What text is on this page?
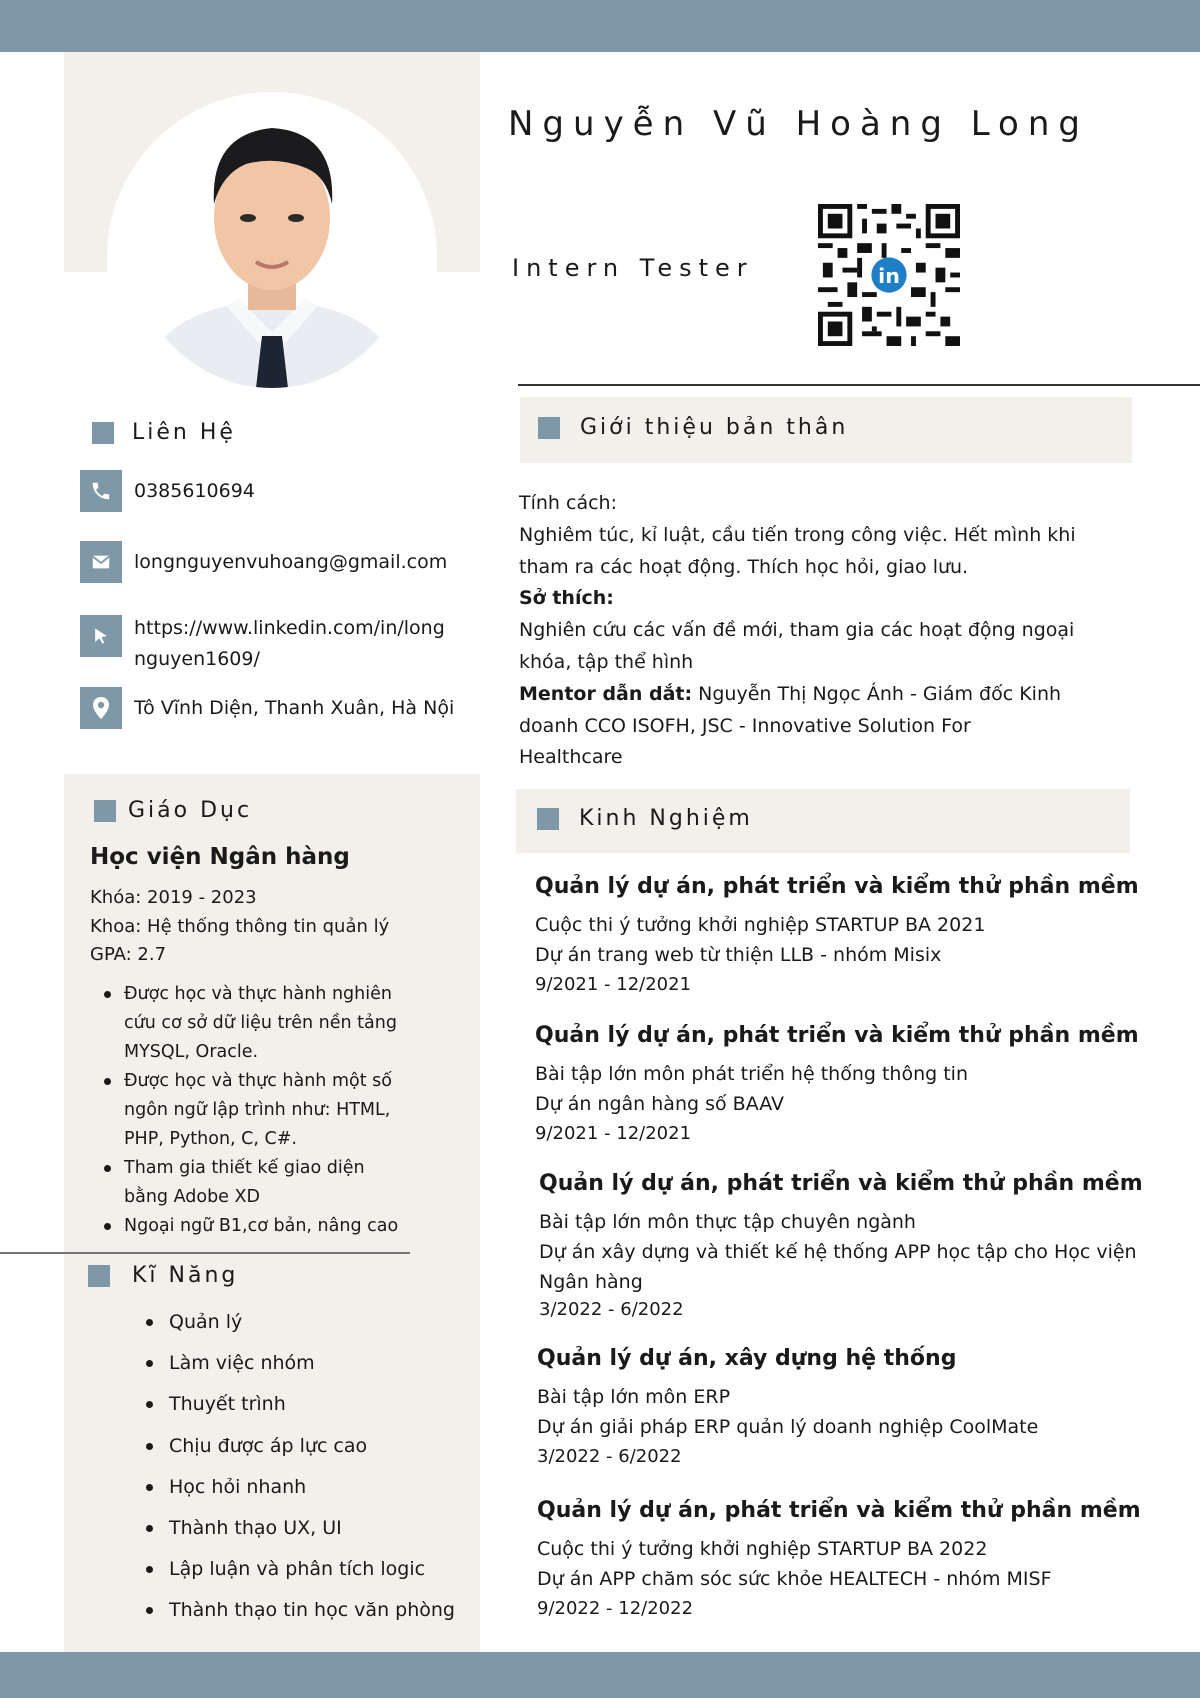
Nguyễn Vũ Hoàng Long
Intern Tester	in
Liên Hệ
0385610694
longnguyenvuhoang@gmail.com
https://www.linkedin.com/in/long
nguyen1609/
Tô Vĩnh Diện, Thanh Xuân, Hà Nội
Giáo Dục
Học viện Ngân hàng
Khóa: 2019 - 2023
Khoa: Hệ thống thông tin quản lý
GPA: 2.7
Được học và thực hành nghiên
cứu cơ sở dữ liệu trên nền tảng
MYSQL, Oracle.
Được học và thực hành một số
ngôn ngữ lập trình như: HTML,
PHP, Python, C, C#.
Tham gia thiết kế giao diện
bằng Adobe XD
Ngoại ngữ B1,cơ bản, nâng cao
Kĩ Năng
Quản lý
Làm việc nhóm
Thuyết trình
Chịu được áp lực cao
Học hỏi nhanh
Thành thạo UX, UI
Lập luận và phân tích logic
Thành thạo tin học văn phòng
Giới thiệu bản thân
Tính cách:
Nghiêm túc, kỉ luật, cầu tiến trong công việc. Hết mình khi
tham ra các hoạt động. Thích học hỏi, giao lưu.
Sở thích:
Nghiên cứu các vấn đề mới, tham gia các hoạt động ngoại
khóa, tập thể hình
Mentor dẫn dắt: Nguyễn Thị Ngọc Ánh - Giám đốc Kinh
doanh CCO ISOFH, JSC - Innovative Solution For
Healthcare
Kinh Nghiệm
Quản lý dự án, phát triển và kiểm thử phần mềm
Cuộc thi ý tưởng khởi nghiệp STARTUP BA 2021
Dự án trang web từ thiện LLB - nhóm Misix
9/2021 - 12/2021
Quản lý dự án, phát triển và kiểm thử phần mềm
Bài tập lớn môn phát triển hệ thống thông tin
Dự án ngân hàng số BAAV
9/2021 - 12/2021
Quản lý dự án, phát triển và kiểm thử phần mềm
Bài tập lớn môn thực tập chuyên ngành
Dự án xây dựng và thiết kế hệ thống APP học tập cho Học viện
Ngân hàng
3/2022 - 6/2022
Quản lý dự án, xây dựng hệ thống
Bài tập lớn môn ERP
Dự án giải pháp ERP quản lý doanh nghiệp CoolMate
3/2022 - 6/2022
Quản lý dự án, phát triển và kiểm thử phần mềm
Cuộc thi ý tưởng khởi nghiệp STARTUP BA 2022
Dự án APP chăm sóc sức khỏe HEALTECH - nhóm MISF
9/2022 - 12/2022
